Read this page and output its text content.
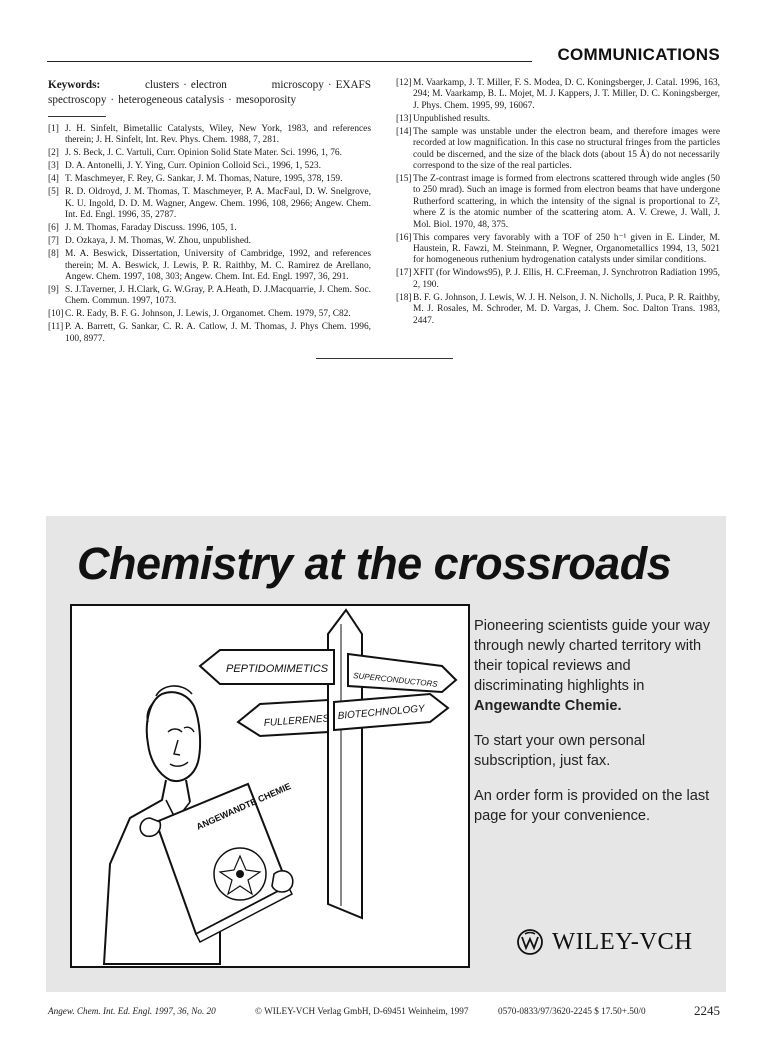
COMMUNICATIONS
Keywords:	clusters · electron microscopy · EXAFS spectroscopy · heterogeneous catalysis · mesoporosity
[1] J. H. Sinfelt, Bimetallic Catalysts, Wiley, New York, 1983, and references therein; J. H. Sinfelt, Int. Rev. Phys. Chem. 1988, 7, 281.
[2] J. S. Beck, J. C. Vartuli, Curr. Opinion Solid State Mater. Sci. 1996, 1, 76.
[3] D. A. Antonelli, J. Y. Ying, Curr. Opinion Colloid Sci., 1996, 1, 523.
[4] T. Maschmeyer, F. Rey, G. Sankar, J. M. Thomas, Nature, 1995, 378, 159.
[5] R. D. Oldroyd, J. M. Thomas, T. Maschmeyer, P. A. MacFaul, D. W. Snelgrove, K. U. Ingold, D. D. M. Wagner, Angew. Chem. 1996, 108, 2966; Angew. Chem. Int. Ed. Engl. 1996, 35, 2787.
[6] J. M. Thomas, Faraday Discuss. 1996, 105, 1.
[7] D. Ozkaya, J. M. Thomas, W. Zhou, unpublished.
[8] M. A. Beswick, Dissertation, University of Cambridge, 1992, and references therein; M. A. Beswick, J. Lewis, P. R. Raithby, M. C. Ramirez de Arellano, Angew. Chem. 1997, 108, 303; Angew. Chem. Int. Ed. Engl. 1997, 36, 291.
[9] S. J.Taverner, J. H.Clark, G. W.Gray, P. A.Heath, D. J.Macquarrie, J. Chem. Soc. Chem. Commun. 1997, 1073.
[10] C. R. Eady, B. F. G. Johnson, J. Lewis, J. Organomet. Chem. 1979, 57, C82.
[11] P. A. Barrett, G. Sankar, C. R. A. Catlow, J. M. Thomas, J. Phys Chem. 1996, 100, 8977.
[12] M. Vaarkamp, J. T. Miller, F. S. Modea, D. C. Koningsberger, J. Catal. 1996, 163, 294; M. Vaarkamp, B. L. Mojet, M. J. Kappers, J. T. Miller, D. C. Koningsberger, J. Phys. Chem. 1995, 99, 16067.
[13] Unpublished results.
[14] The sample was unstable under the electron beam, and therefore images were recorded at low magnification. In this case no structural fringes from the particles could be discerned, and the size of the black dots (about 15 Å) do not necessarily correspond to the size of the real particles.
[15] The Z-contrast image is formed from electrons scattered through wide angles (50 to 250 mrad). Such an image is formed from electron beams that have undergone Rutherford scattering, in which the intensity of the signal is proportional to Z², where Z is the atomic number of the scattering atom. A. V. Crewe, J. Wall, J. Mol. Biol. 1970, 48, 375.
[16] This compares very favorably with a TOF of 250 h⁻¹ given in E. Linder, M. Haustein, R. Fawzi, M. Steinmann, P. Wegner, Organometallics 1994, 13, 5021 for homogeneous ruthenium hydrogenation catalysts under similar conditions.
[17] XFIT (for Windows95), P. J. Ellis, H. C.Freeman, J. Synchrotron Radiation 1995, 2, 190.
[18] B. F. G. Johnson, J. Lewis, W. J. H. Nelson, J. N. Nicholls, J. Puca, P. R. Raithby, M. J. Rosales, M. Schroder, M. D. Vargas, J. Chem. Soc. Dalton Trans. 1983, 2447.
Chemistry at the crossroads
PEPTIDOMIMETICS
SUPERCONDUCTORS
FULLERENES BIOTECHNOLOGY
ANGEWANDTE CHEMIE

Pioneering scientists guide your way through newly charted territory with their topical reviews and discriminating highlights in Angewandte Chemie.

To start your own personal subscription, just fax.

An order form is provided on the last page for your convenience.

WILEY-VCH
Angew. Chem. Int. Ed. Engl. 1997, 36, No. 20	© WILEY-VCH Verlag GmbH, D-69451 Weinheim, 1997	0570-0833/97/3620-2245 $ 17.50+.50/0	2245
